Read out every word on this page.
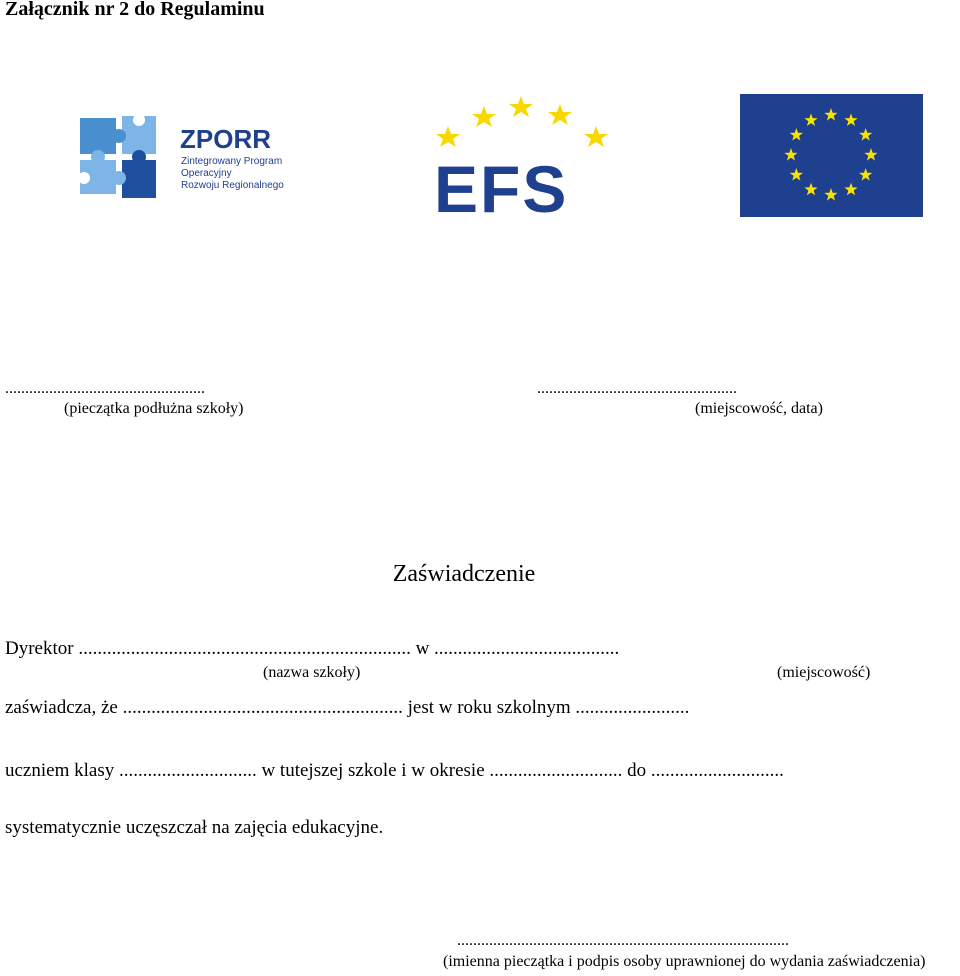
Załącznik nr 2 do Regulaminu
ZPORR
Zintegrowany Program
Operacyjny
Rozwoju Regionalnego EFS
..................................................
(pieczątka podłużna szkoły)
..................................................
(miejscowość, data)
Zaświadczenie
Dyrektor ...................................................................... w .......................................
(nazwa szkoły)	(miejscowość)
zaświadcza, że ........................................................... jest w roku szkolnym ........................
uczniem klasy ............................. w tutejszej szkole i w okresie ............................ do ............................
systematycznie uczęszczał na zajęcia edukacyjne.
...................................................................................
(imienna pieczątka i podpis osoby uprawnionej do wydania zaświadczenia)
